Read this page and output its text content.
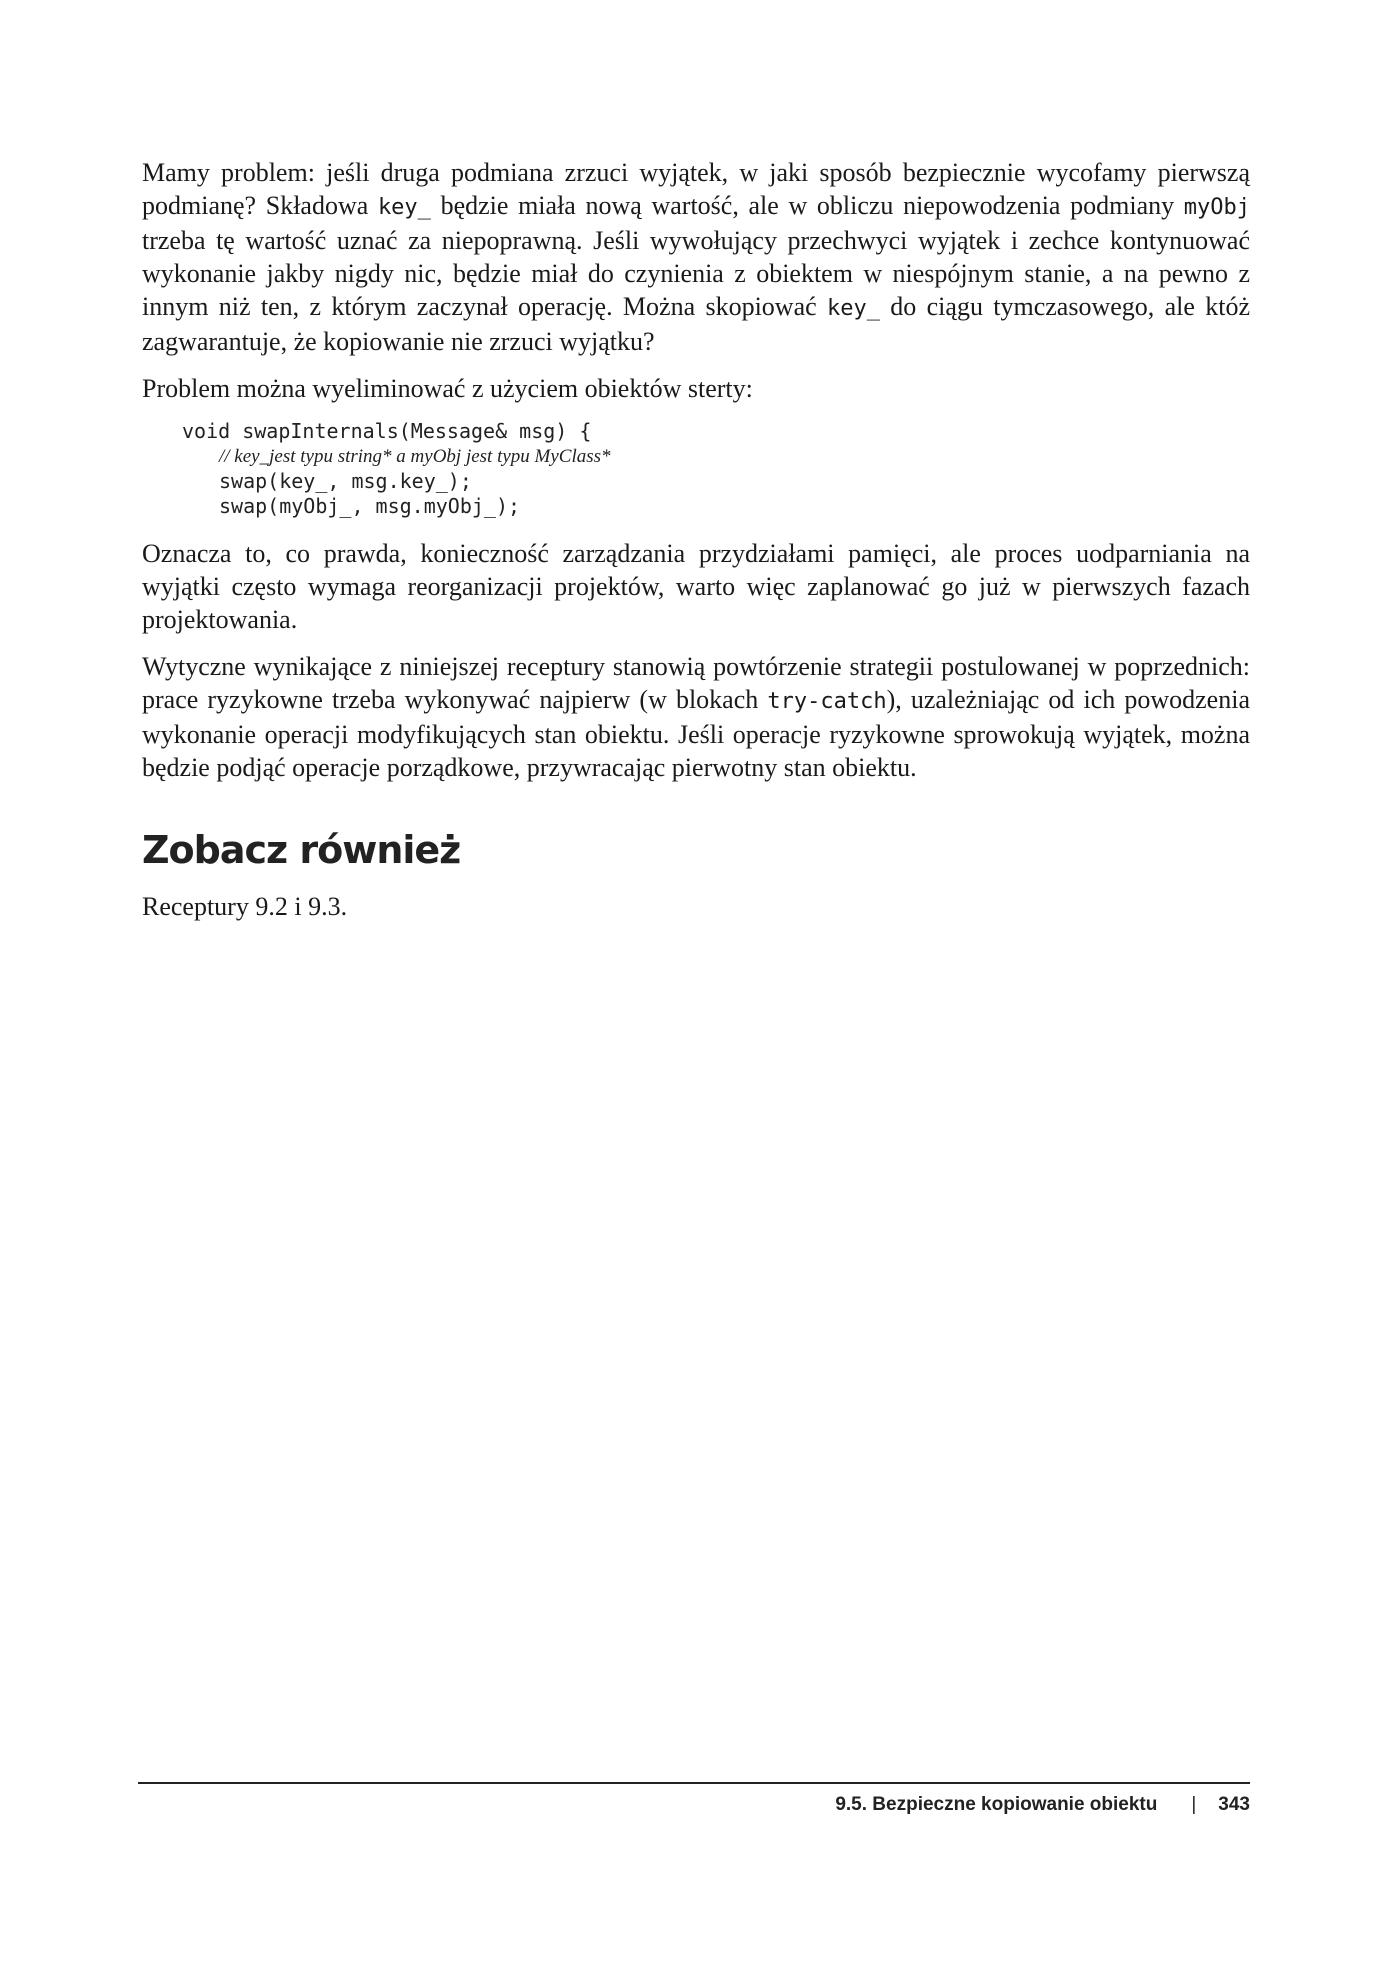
Mamy problem: jeśli druga podmiana zrzuci wyjątek, w jaki sposób bezpiecznie wycofamy pierwszą podmianę? Składowa key_ będzie miała nową wartość, ale w obliczu niepowodzenia podmiany myObj trzeba tę wartość uznać za niepoprawną. Jeśli wywołujący przechwyci wyjątek i zechce kontynuować wykonanie jakby nigdy nic, będzie miał do czynienia z obiektem w niespójnym stanie, a na pewno z innym niż ten, z którym zaczynał operację. Można skopiować key_ do ciągu tymczasowego, ale któż zagwarantuje, że kopiowanie nie zrzuci wyjątku?

Problem można wyeliminować z użyciem obiektów sterty:

void swapInternals(Message& msg) {
// key_jest typu string* a myObj jest typu MyClass*
swap(key_, msg.key_);
swap(myObj_, msg.myObj_);

Oznacza to, co prawda, konieczność zarządzania przydziałami pamięci, ale proces uodparniania na wyjątki często wymaga reorganizacji projektów, warto więc zaplanować go już w pierwszych fazach projektowania.

Wytyczne wynikające z niniejszej receptury stanowią powtórzenie strategii postulowanej w poprzednich: prace ryzykowne trzeba wykonywać najpierw (w blokach try-catch), uzależniając od ich powodzenia wykonanie operacji modyfikujących stan obiektu. Jeśli operacje ryzykowne sprowokują wyjątek, można będzie podjąć operacje porządkowe, przywracając pierwotny stan obiektu.

Zobacz również

Receptury 9.2 i 9.3.

9.5. Bezpieczne kopiowanie obiektu | 343
